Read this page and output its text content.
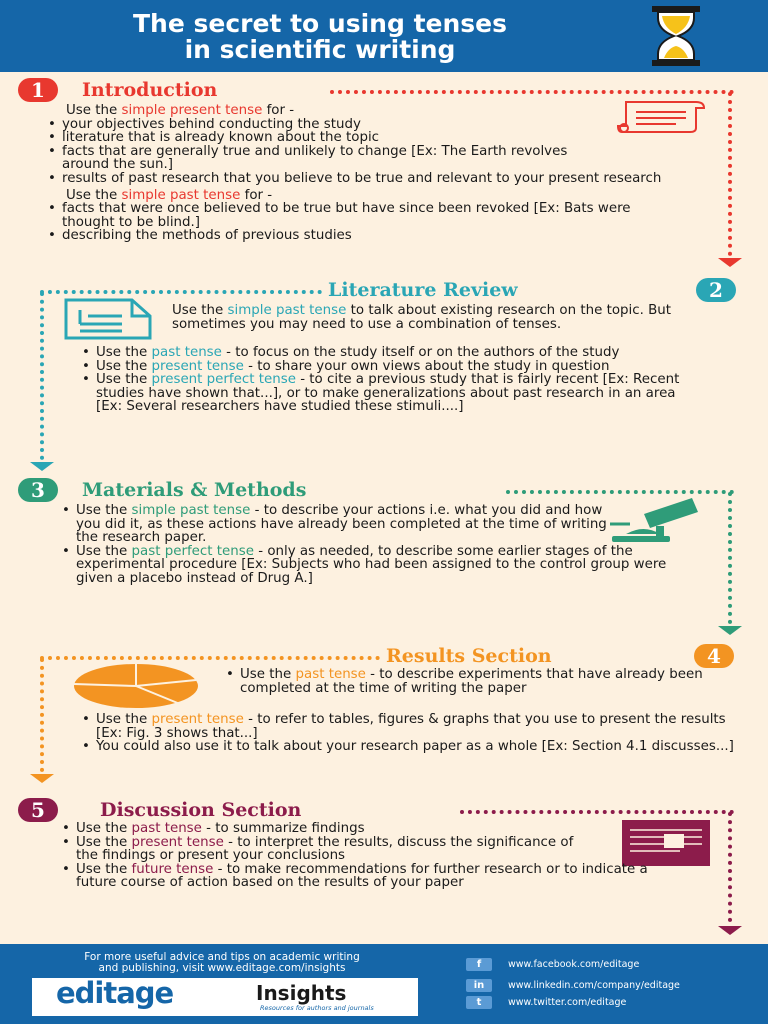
The secret to using tenses
in scientific writing
1	Introduction
Use the simple present tense for -
• your objectives behind conducting the study
• literature that is already known about the topic
• facts that are generally true and unlikely to change [Ex: The Earth revolves around the sun.]
• results of past research that you believe to be true and relevant to your present research
Use the simple past tense for -
• facts that were once believed to be true but have since been revoked [Ex: Bats were thought to be blind.]
• describing the methods of previous studies
Literature Review	2
Use the simple past tense to talk about existing research on the topic. But sometimes you may need to use a combination of tenses.
• Use the past tense - to focus on the study itself or on the authors of the study
• Use the present tense - to share your own views about the study in question
• Use the present perfect tense - to cite a previous study that is fairly recent [Ex: Recent studies have shown that...], or to make generalizations about past research in an area [Ex: Several researchers have studied these stimuli....]
3	Materials & Methods
• Use the simple past tense - to describe your actions i.e. what you did and how you did it, as these actions have already been completed at the time of writing the research paper.
• Use the past perfect tense - only as needed, to describe some earlier stages of the experimental procedure [Ex: Subjects who had been assigned to the control group were given a placebo instead of Drug A.]
Results Section	4
• Use the past tense - to describe experiments that have already been completed at the time of writing the paper
• Use the present tense - to refer to tables, figures & graphs that you use to present the results [Ex: Fig. 3 shows that...]
• You could also use it to talk about your research paper as a whole [Ex: Section 4.1 discusses...]
5	Discussion Section
• Use the past tense - to summarize findings
• Use the present tense - to interpret the results, discuss the significance of the findings or present your conclusions
• Use the future tense - to make recommendations for further research or to indicate a future course of action based on the results of your paper
For more useful advice and tips on academic writing
and publishing, visit www.editage.com/insights
editage	Insights
Resources for authors and journals
f	www.facebook.com/editage
in	www.linkedin.com/company/editage
t	www.twitter.com/editage
